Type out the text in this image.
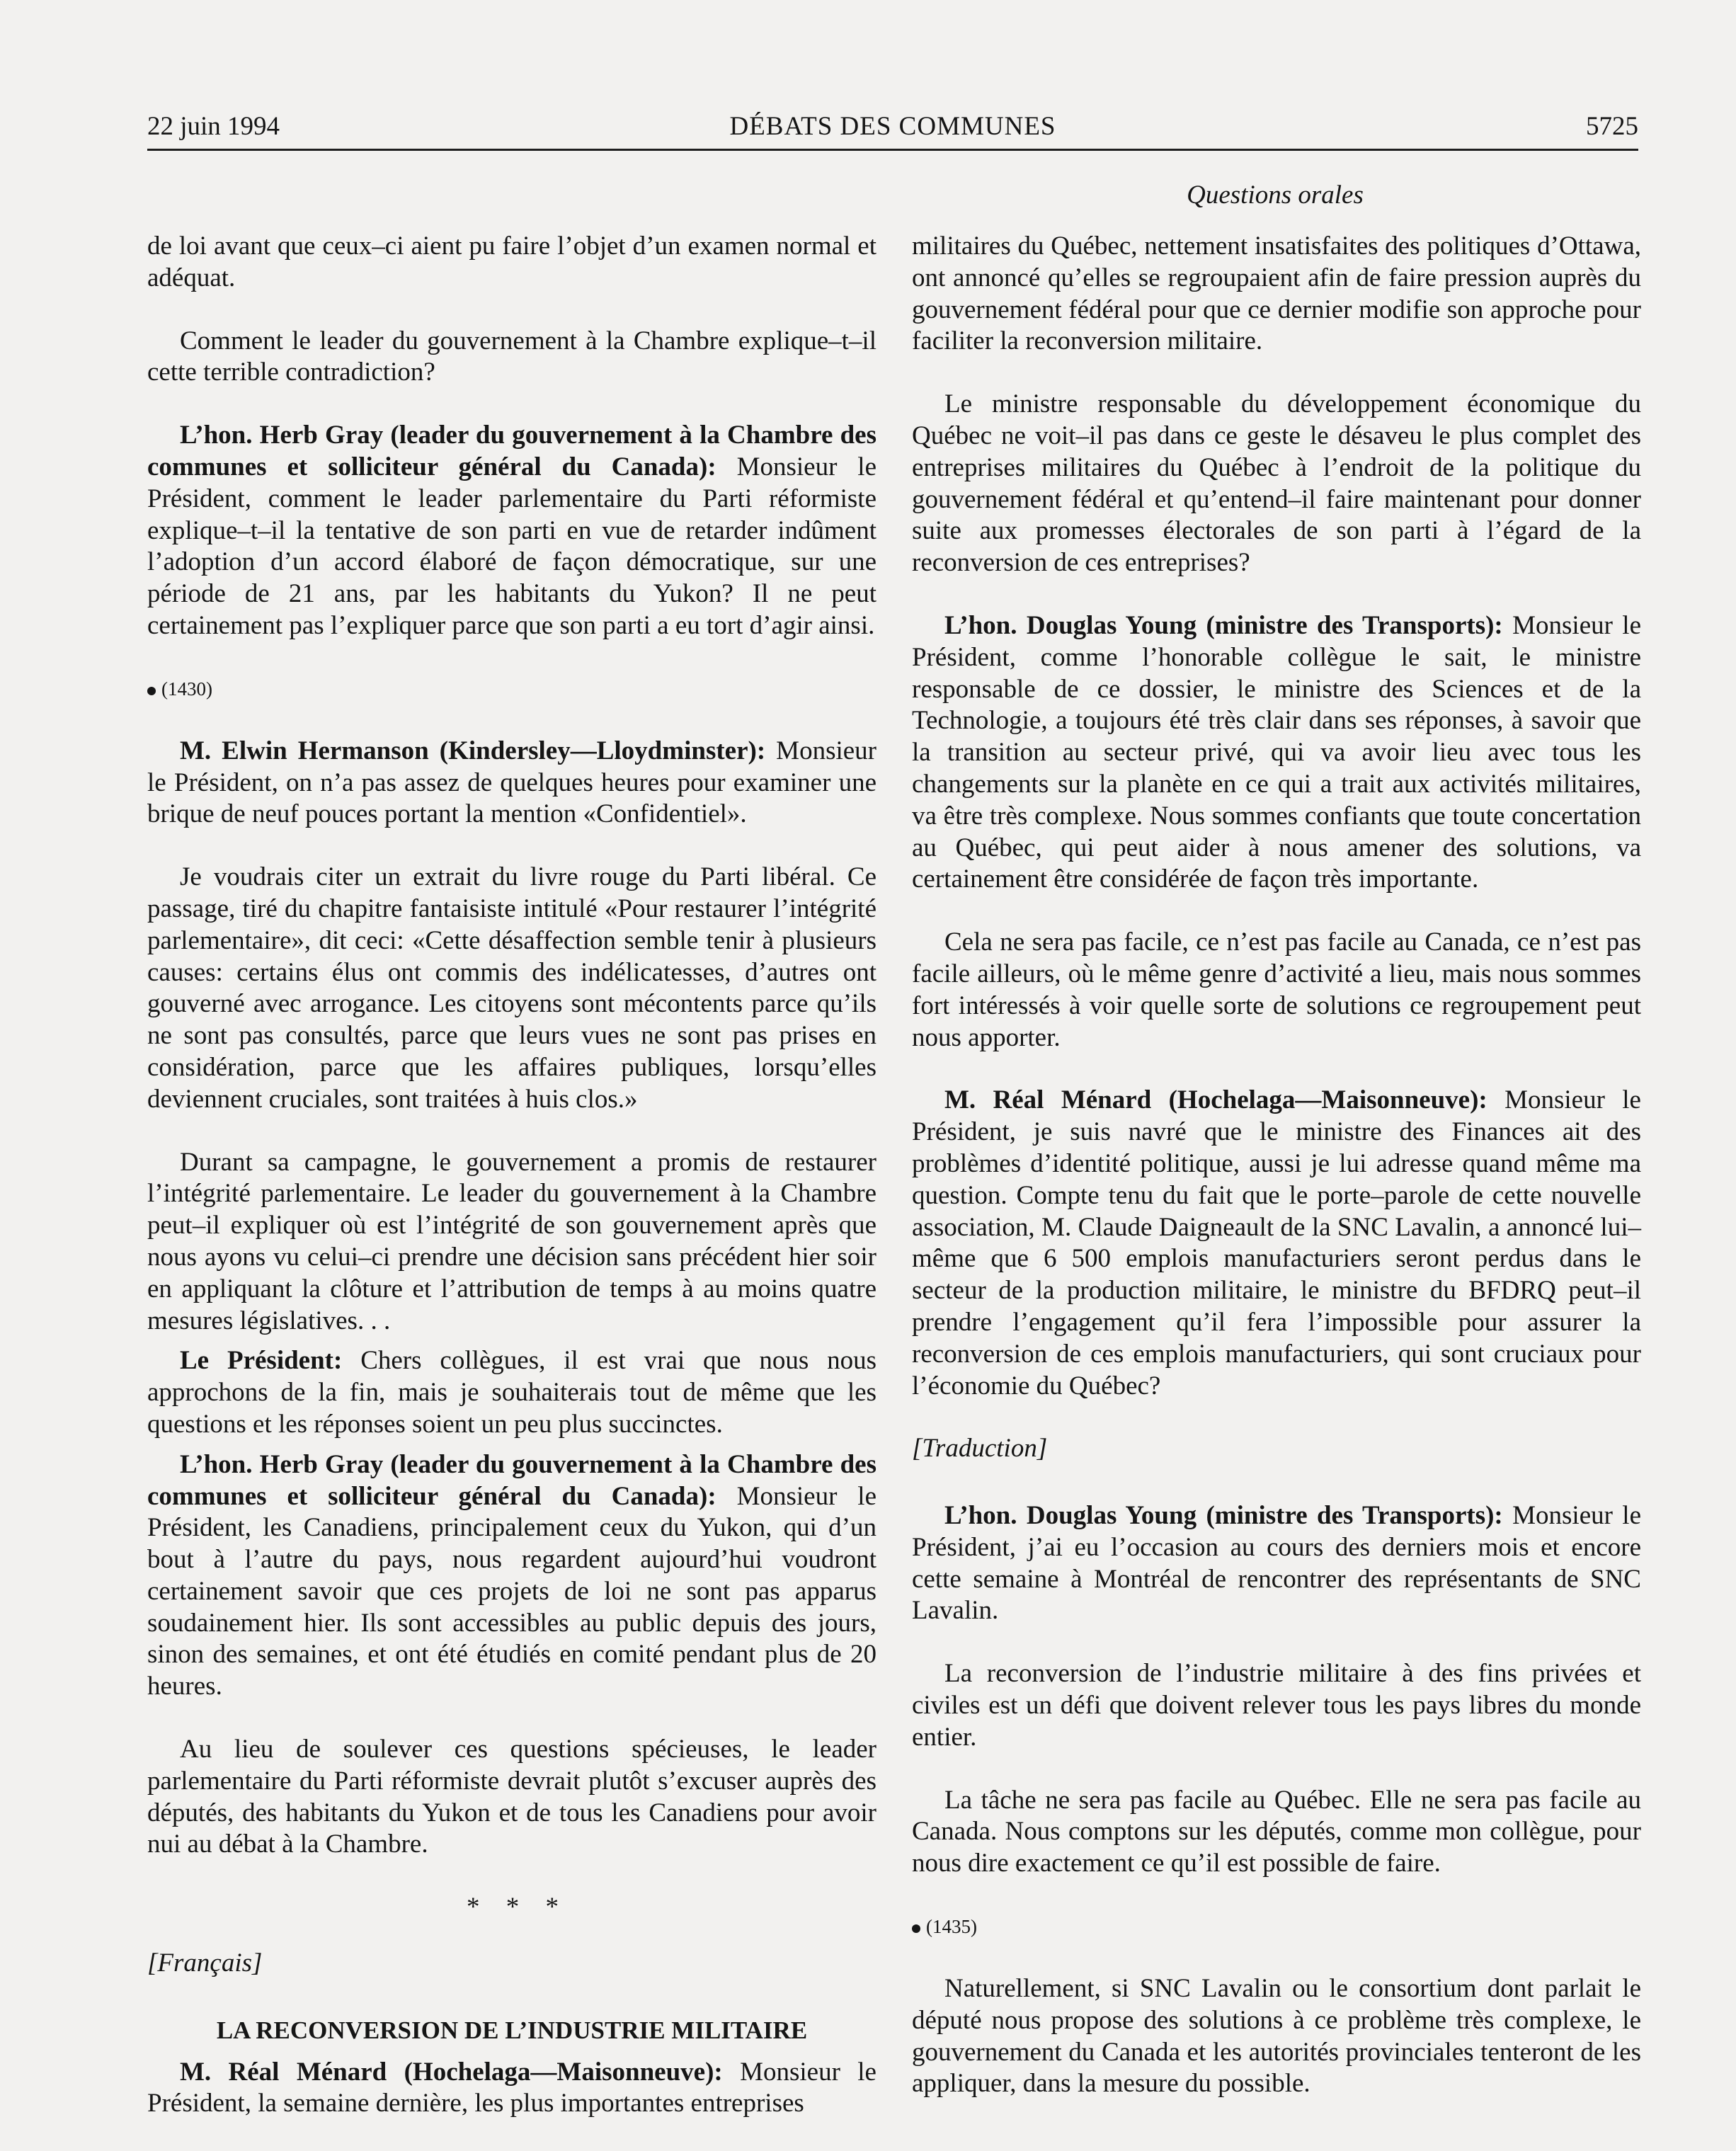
22 juin 1994	DÉBATS DES COMMUNES	5725
Questions orales

de loi avant que ceux–ci aient pu faire l’objet d’un examen normal et adéquat.

Comment le leader du gouvernement à la Chambre explique–t–il cette terrible contradiction?

L’hon. Herb Gray (leader du gouvernement à la Chambre des communes et solliciteur général du Canada): Monsieur le Président, comment le leader parlementaire du Parti réformiste explique–t–il la tentative de son parti en vue de retarder indûment l’adoption d’un accord élaboré de façon démocratique, sur une période de 21 ans, par les habitants du Yukon? Il ne peut certainement pas l’expliquer parce que son parti a eu tort d’agir ainsi.

(1430)

M. Elwin Hermanson (Kindersley—Lloydminster): Monsieur le Président, on n’a pas assez de quelques heures pour examiner une brique de neuf pouces portant la mention «Confidentiel».

Je voudrais citer un extrait du livre rouge du Parti libéral. Ce passage, tiré du chapitre fantaisiste intitulé «Pour restaurer l’intégrité parlementaire», dit ceci: «Cette désaffection semble tenir à plusieurs causes: certains élus ont commis des indélicatesses, d’autres ont gouverné avec arrogance. Les citoyens sont mécontents parce qu’ils ne sont pas consultés, parce que leurs vues ne sont pas prises en considération, parce que les affaires publiques, lorsqu’elles deviennent cruciales, sont traitées à huis clos.»

Durant sa campagne, le gouvernement a promis de restaurer l’intégrité parlementaire. Le leader du gouvernement à la Chambre peut–il expliquer où est l’intégrité de son gouvernement après que nous ayons vu celui–ci prendre une décision sans précédent hier soir en appliquant la clôture et l’attribution de temps à au moins quatre mesures législatives. . .

Le Président: Chers collègues, il est vrai que nous nous approchons de la fin, mais je souhaiterais tout de même que les questions et les réponses soient un peu plus succinctes.

L’hon. Herb Gray (leader du gouvernement à la Chambre des communes et solliciteur général du Canada): Monsieur le Président, les Canadiens, principalement ceux du Yukon, qui d’un bout à l’autre du pays, nous regardent aujourd’hui voudront certainement savoir que ces projets de loi ne sont pas apparus soudainement hier. Ils sont accessibles au public depuis des jours, sinon des semaines, et ont été étudiés en comité pendant plus de 20 heures.

Au lieu de soulever ces questions spécieuses, le leader parlementaire du Parti réformiste devrait plutôt s’excuser auprès des députés, des habitants du Yukon et de tous les Canadiens pour avoir nui au débat à la Chambre.

* * *
[Français]
LA RECONVERSION DE L’INDUSTRIE MILITAIRE

M. Réal Ménard (Hochelaga—Maisonneuve): Monsieur le Président, la semaine dernière, les plus importantes entreprises

militaires du Québec, nettement insatisfaites des politiques d’Ottawa, ont annoncé qu’elles se regroupaient afin de faire pression auprès du gouvernement fédéral pour que ce dernier modifie son approche pour faciliter la reconversion militaire.

Le ministre responsable du développement économique du Québec ne voit–il pas dans ce geste le désaveu le plus complet des entreprises militaires du Québec à l’endroit de la politique du gouvernement fédéral et qu’entend–il faire maintenant pour donner suite aux promesses électorales de son parti à l’égard de la reconversion de ces entreprises?

L’hon. Douglas Young (ministre des Transports): Monsieur le Président, comme l’honorable collègue le sait, le ministre responsable de ce dossier, le ministre des Sciences et de la Technologie, a toujours été très clair dans ses réponses, à savoir que la transition au secteur privé, qui va avoir lieu avec tous les changements sur la planète en ce qui a trait aux activités militaires, va être très complexe. Nous sommes confiants que toute concertation au Québec, qui peut aider à nous amener des solutions, va certainement être considérée de façon très importante.

Cela ne sera pas facile, ce n’est pas facile au Canada, ce n’est pas facile ailleurs, où le même genre d’activité a lieu, mais nous sommes fort intéressés à voir quelle sorte de solutions ce regroupement peut nous apporter.

M. Réal Ménard (Hochelaga—Maisonneuve): Monsieur le Président, je suis navré que le ministre des Finances ait des problèmes d’identité politique, aussi je lui adresse quand même ma question. Compte tenu du fait que le porte–parole de cette nouvelle association, M. Claude Daigneault de la SNC Lavalin, a annoncé lui–même que 6 500 emplois manufacturiers seront perdus dans le secteur de la production militaire, le ministre du BFDRQ peut–il prendre l’engagement qu’il fera l’impossible pour assurer la reconversion de ces emplois manufacturiers, qui sont cruciaux pour l’économie du Québec?

[Traduction]

L’hon. Douglas Young (ministre des Transports): Monsieur le Président, j’ai eu l’occasion au cours des derniers mois et encore cette semaine à Montréal de rencontrer des représentants de SNC Lavalin.

La reconversion de l’industrie militaire à des fins privées et civiles est un défi que doivent relever tous les pays libres du monde entier.

La tâche ne sera pas facile au Québec. Elle ne sera pas facile au Canada. Nous comptons sur les députés, comme mon collègue, pour nous dire exactement ce qu’il est possible de faire.

(1435)

Naturellement, si SNC Lavalin ou le consortium dont parlait le député nous propose des solutions à ce problème très complexe, le gouvernement du Canada et les autorités provinciales tenteront de les appliquer, dans la mesure du possible.
